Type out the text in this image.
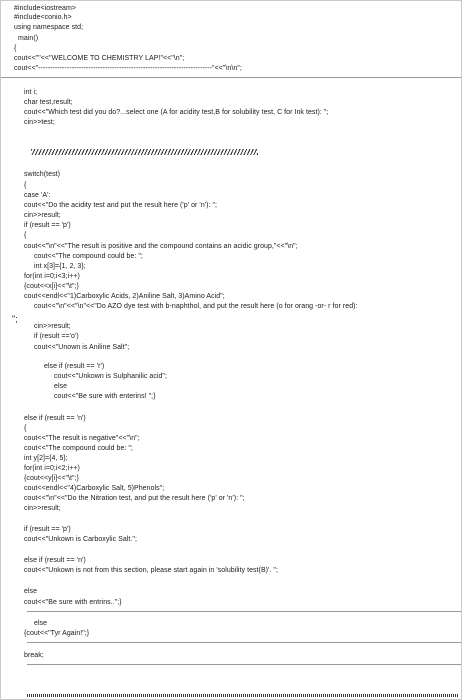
#include<iostream>
#include<conio.h>
using namespace std;
main()
{
cout<<""<<"WELCOME TO CHEMISTRY LAP!"<<"\n";
cout<<"-------------------------------------------------------------------------"<<"\n\n";
int i;
char test,result;
cout<<"Which test did you do?...select one (A for acidity test,B for solubility test, C for Ink test): ";
cin>>test;
switch(test)
{
case 'A':
cout<<"Do the acidity test and put the result here ('p' or 'n'): ";
cin>>result;
if (result == 'p')
{
cout<<"\n"<<"The result is positive and the compound contains an acidic group,"<<"\n";
cout<<"The compound could be: ";
int x[3]={1, 2, 3};
for(int i=0;i<3;i++)
{cout<<x[i]<<"\t";}
cout<<endl<<"1)Carboxylic Acids, 2)Aniline Salt, 3)Amino Acid";
cout<<"\n"<<"\n"<<"Do AZO dye test with b-naphthol, and put the result here (o for orang -or- r for red):
";
cin>>result;
if (result =='o')
cout<<"Unown is Aniline Salt";
else if (result == 'r')
cout<<"Unkown is Sulphanilic acid";
else
cout<<"Be sure with enterins! ";}
else if (result == 'n')
{
cout<<"The result is negative"<<"\n";
cout<<"The compound could be: ";
int y[2]={4, 5};
for(int i=0;i<2;i++)
{cout<<y[i]<<"\t";}
cout<<endl<<"4)Carboxylic Salt, 5)Phenols";
cout<<"\n"<<"Do the Nitration test, and put the result here ('p' or 'n'): ";
cin>>result;
if (result == 'p')
cout<<"Unkown is Carboxylic Salt.";
else if (result == 'n')
cout<<"Unkown is not from this section, please start again in 'solubility test(B)'. ";
else
cout<<"Be sure with entrins..";}
else
{cout<<"Tyr Again!";}
break;
